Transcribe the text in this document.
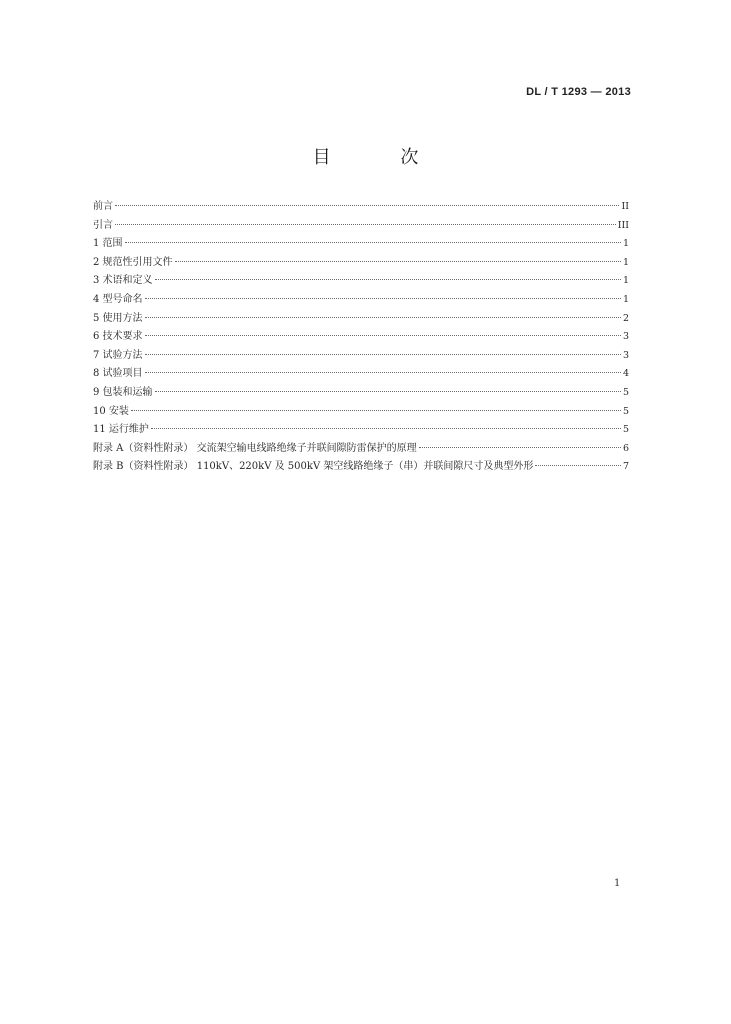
DL / T 1293 — 2013
目 次
前言	II
引言	III
1 范围	1
2 规范性引用文件	1
3 术语和定义	1
4 型号命名	1
5 使用方法	2
6 技术要求	3
7 试验方法	3
8 试验项目	4
9 包装和运输	5
10 安装	5
11 运行维护	5
附录 A（资料性附录） 交流架空输电线路绝缘子并联间隙防雷保护的原理	6
附录 B（资料性附录） 110kV、220kV 及 500kV 架空线路绝缘子（串）并联间隙尺寸及典型外形	7
1
